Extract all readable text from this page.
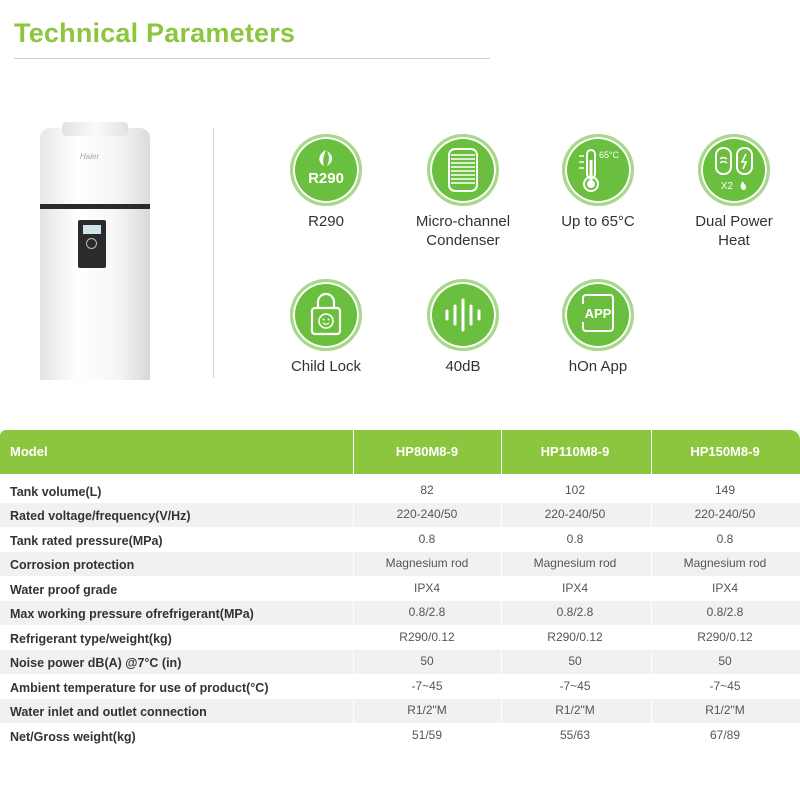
Technical Parameters
Haier
R290
R290	Micro-channel
Condenser
65°C
Up to 65°C
X2
Dual Power
Heat
Child Lock	40dB
APP
hOn App
Model	HP80M8-9	HP110M8-9	HP150M8-9
Tank volume(L)	82	102	149
Rated voltage/frequency(V/Hz)	220-240/50	220-240/50	220-240/50
Tank rated pressure(MPa)	0.8	0.8	0.8
Corrosion protection	Magnesium rod	Magnesium rod	Magnesium rod
Water proof grade	IPX4	IPX4	IPX4
Max working pressure ofrefrigerant(MPa)	0.8/2.8	0.8/2.8	0.8/2.8
Refrigerant type/weight(kg)	R290/0.12	R290/0.12	R290/0.12
Noise power dB(A) @7°C (in)	50	50	50
Ambient temperature for use of product(°C)	-7~45	-7~45	-7~45
Water inlet and outlet connection	R1/2"M	R1/2"M	R1/2"M
Net/Gross weight(kg)	51/59	55/63	67/89
